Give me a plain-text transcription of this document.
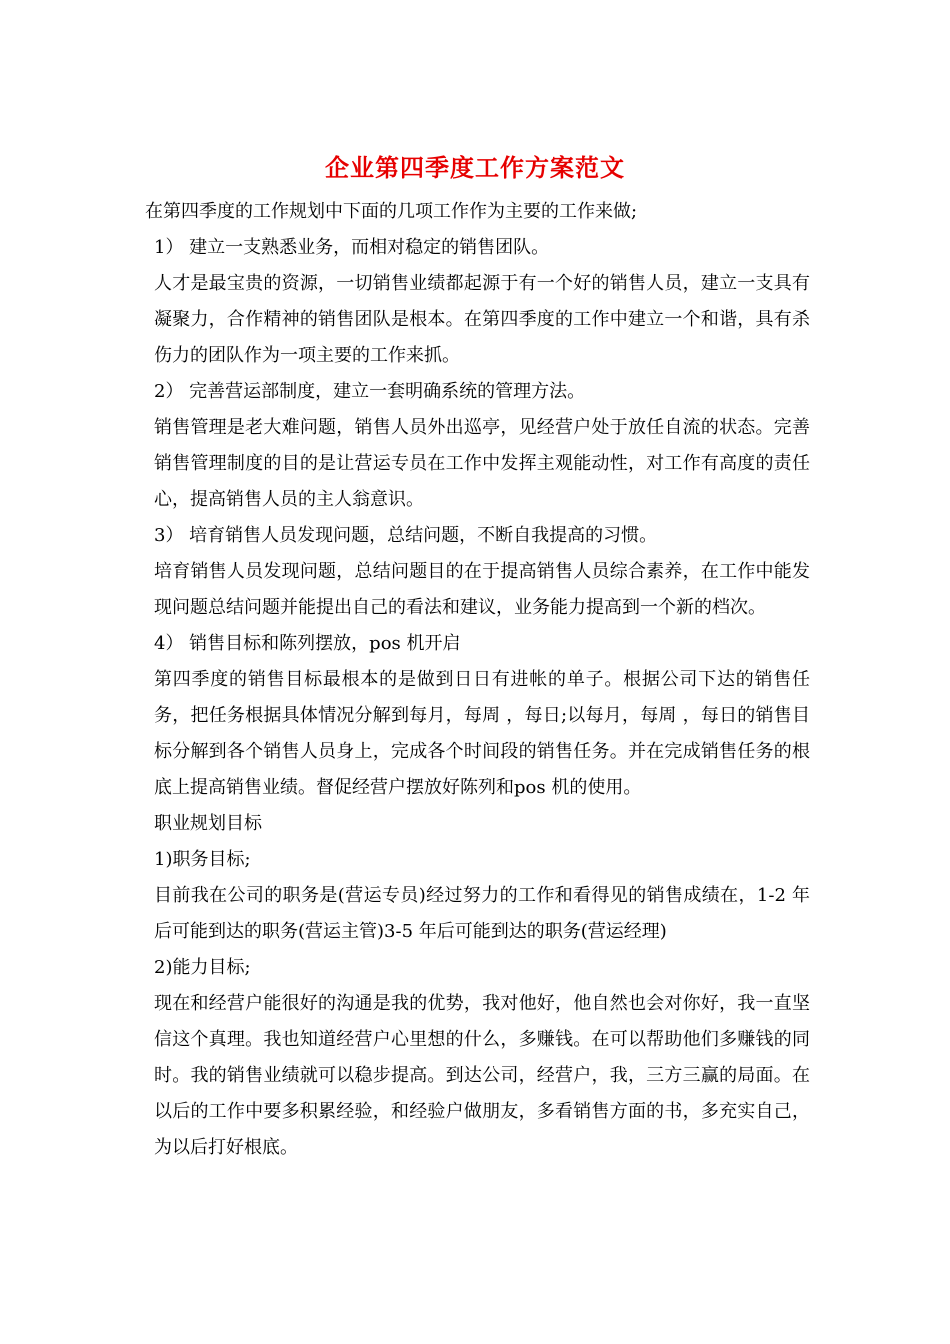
企业第四季度工作方案范文

在第四季度的工作规划中下面的几项工作作为主要的工作来做;

1） 建立一支熟悉业务，而相对稳定的销售团队。

人才是最宝贵的资源，一切销售业绩都起源于有一个好的销售人员，建立一支具有凝聚力，合作精神的销售团队是根本。在第四季度的工作中建立一个和谐，具有杀伤力的团队作为一项主要的工作来抓。

2） 完善营运部制度，建立一套明确系统的管理方法。

销售管理是老大难问题，销售人员外出巡亭，见经营户处于放任自流的状态。完善销售管理制度的目的是让营运专员在工作中发挥主观能动性，对工作有高度的责任心，提高销售人员的主人翁意识。

3） 培育销售人员发现问题，总结问题，不断自我提高的习惯。

培育销售人员发现问题，总结问题目的在于提高销售人员综合素养，在工作中能发现问题总结问题并能提出自己的看法和建议，业务能力提高到一个新的档次。

4） 销售目标和陈列摆放，pos 机开启

第四季度的销售目标最根本的是做到日日有进帐的单子。根据公司下达的销售任务，把任务根据具体情况分解到每月，每周 ，每日;以每月，每周 ，每日的销售目标分解到各个销售人员身上，完成各个时间段的销售任务。并在完成销售任务的根底上提高销售业绩。督促经营户摆放好陈列和pos 机的使用。

职业规划目标

1)职务目标;

目前我在公司的职务是(营运专员)经过努力的工作和看得见的销售成绩在，1-2 年后可能到达的职务(营运主管)3-5 年后可能到达的职务(营运经理)

2)能力目标;

现在和经营户能很好的沟通是我的优势，我对他好，他自然也会对你好，我一直坚信这个真理。我也知道经营户心里想的什么，多赚钱。在可以帮助他们多赚钱的同时。我的销售业绩就可以稳步提高。到达公司，经营户，我，三方三赢的局面。在以后的工作中要多积累经验，和经验户做朋友，多看销售方面的书，多充实自己，为以后打好根底。
